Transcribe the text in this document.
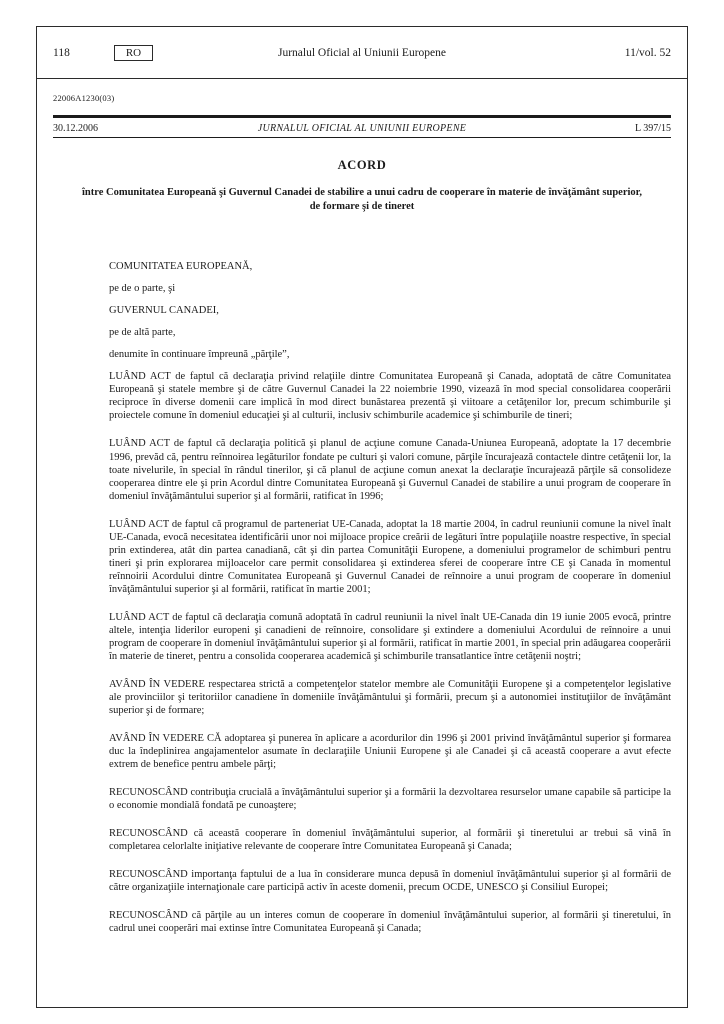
118	RO	Jurnalul Oficial al Uniunii Europene	11/vol. 52
22006A1230(03)
30.12.2006	JURNALUL OFICIAL AL UNIUNII EUROPENE	L 397/15
ACORD
între Comunitatea Europeană şi Guvernul Canadei de stabilire a unui cadru de cooperare în materie de învăţământ superior, de formare şi de tineret

COMUNITATEA EUROPEANĂ,

pe de o parte, şi

GUVERNUL CANADEI,

pe de altă parte,

denumite în continuare împreună „părţile”,

LUÂND ACT de faptul că declaraţia privind relaţiile dintre Comunitatea Europeană şi Canada, adoptată de către Comunitatea Europeană şi statele membre şi de către Guvernul Canadei la 22 noiembrie 1990, vizează în mod special consolidarea cooperării reciproce în diverse domenii care implică în mod direct bunăstarea prezentă şi viitoare a cetăţenilor lor, precum schimburile şi proiectele comune în domeniul educaţiei şi al culturii, inclusiv schimburile academice şi schimburile de tineri;

LUÂND ACT de faptul că declaraţia politică şi planul de acţiune comune Canada-Uniunea Europeană, adoptate la 17 decembrie 1996, prevăd că, pentru reînnoirea legăturilor fondate pe culturi şi valori comune, părţile încurajează contactele dintre cetăţenii lor, la toate nivelurile, în special în rândul tinerilor, şi că planul de acţiune comun anexat la declaraţie încurajează părţile să consolideze cooperarea dintre ele şi prin Acordul dintre Comunitatea Europeană şi Guvernul Canadei de stabilire a unui program de cooperare în domeniul învăţământului superior şi al formării, ratificat în 1996;

LUÂND ACT de faptul că programul de parteneriat UE-Canada, adoptat la 18 martie 2004, în cadrul reuniunii comune la nivel înalt UE-Canada, evocă necesitatea identificării unor noi mijloace propice creării de legături între populaţiile noastre respective, în special prin extinderea, atât din partea canadiană, cât şi din partea Comunităţii Europene, a domeniului programelor de schimburi pentru tineri şi prin explorarea mijloacelor care permit consolidarea şi extinderea sferei de cooperare între CE şi Canada în momentul reînnoirii Acordului dintre Comunitatea Europeană şi Guvernul Canadei de reînnoire a unui program de cooperare în domeniul învăţământului superior şi al formării, ratificat în martie 2001;

LUÂND ACT de faptul că declaraţia comună adoptată în cadrul reuniunii la nivel înalt UE-Canada din 19 iunie 2005 evocă, printre altele, intenţia liderilor europeni şi canadieni de reînnoire, consolidare şi extindere a domeniului Acordului de reînnoire a unui program de cooperare în domeniul învăţământului superior şi al formării, ratificat în martie 2001, în special prin adăugarea cooperării în materie de tineret, pentru a consolida cooperarea academică şi schimburile transatlantice între cetăţenii noştri;

AVÂND ÎN VEDERE respectarea strictă a competenţelor statelor membre ale Comunităţii Europene şi a competenţelor legislative ale provinciilor şi teritoriilor canadiene în domeniile învăţământului şi formării, precum şi a autonomiei instituţiilor de învăţământ superior şi de formare;

AVÂND ÎN VEDERE CĂ adoptarea şi punerea în aplicare a acordurilor din 1996 şi 2001 privind învăţământul superior şi formarea duc la îndeplinirea angajamentelor asumate în declaraţiile Uniunii Europene şi ale Canadei şi că această cooperare a avut efecte extrem de benefice pentru ambele părţi;

RECUNOSCÂND contribuţia crucială a învăţământului superior şi a formării la dezvoltarea resurselor umane capabile să participe la o economie mondială fondată pe cunoaştere;

RECUNOSCÂND că această cooperare în domeniul învăţământului superior, al formării şi tineretului ar trebui să vină în completarea celorlalte iniţiative relevante de cooperare între Comunitatea Europeană şi Canada;

RECUNOSCÂND importanţa faptului de a lua în considerare munca depusă în domeniul învăţământului superior şi al formării de către organizaţiile internaţionale care participă activ în aceste domenii, precum OCDE, UNESCO şi Consiliul Europei;

RECUNOSCÂND că părţile au un interes comun de cooperare în domeniul învăţământului superior, al formării şi tineretului, în cadrul unei cooperări mai extinse între Comunitatea Europeană şi Canada;
